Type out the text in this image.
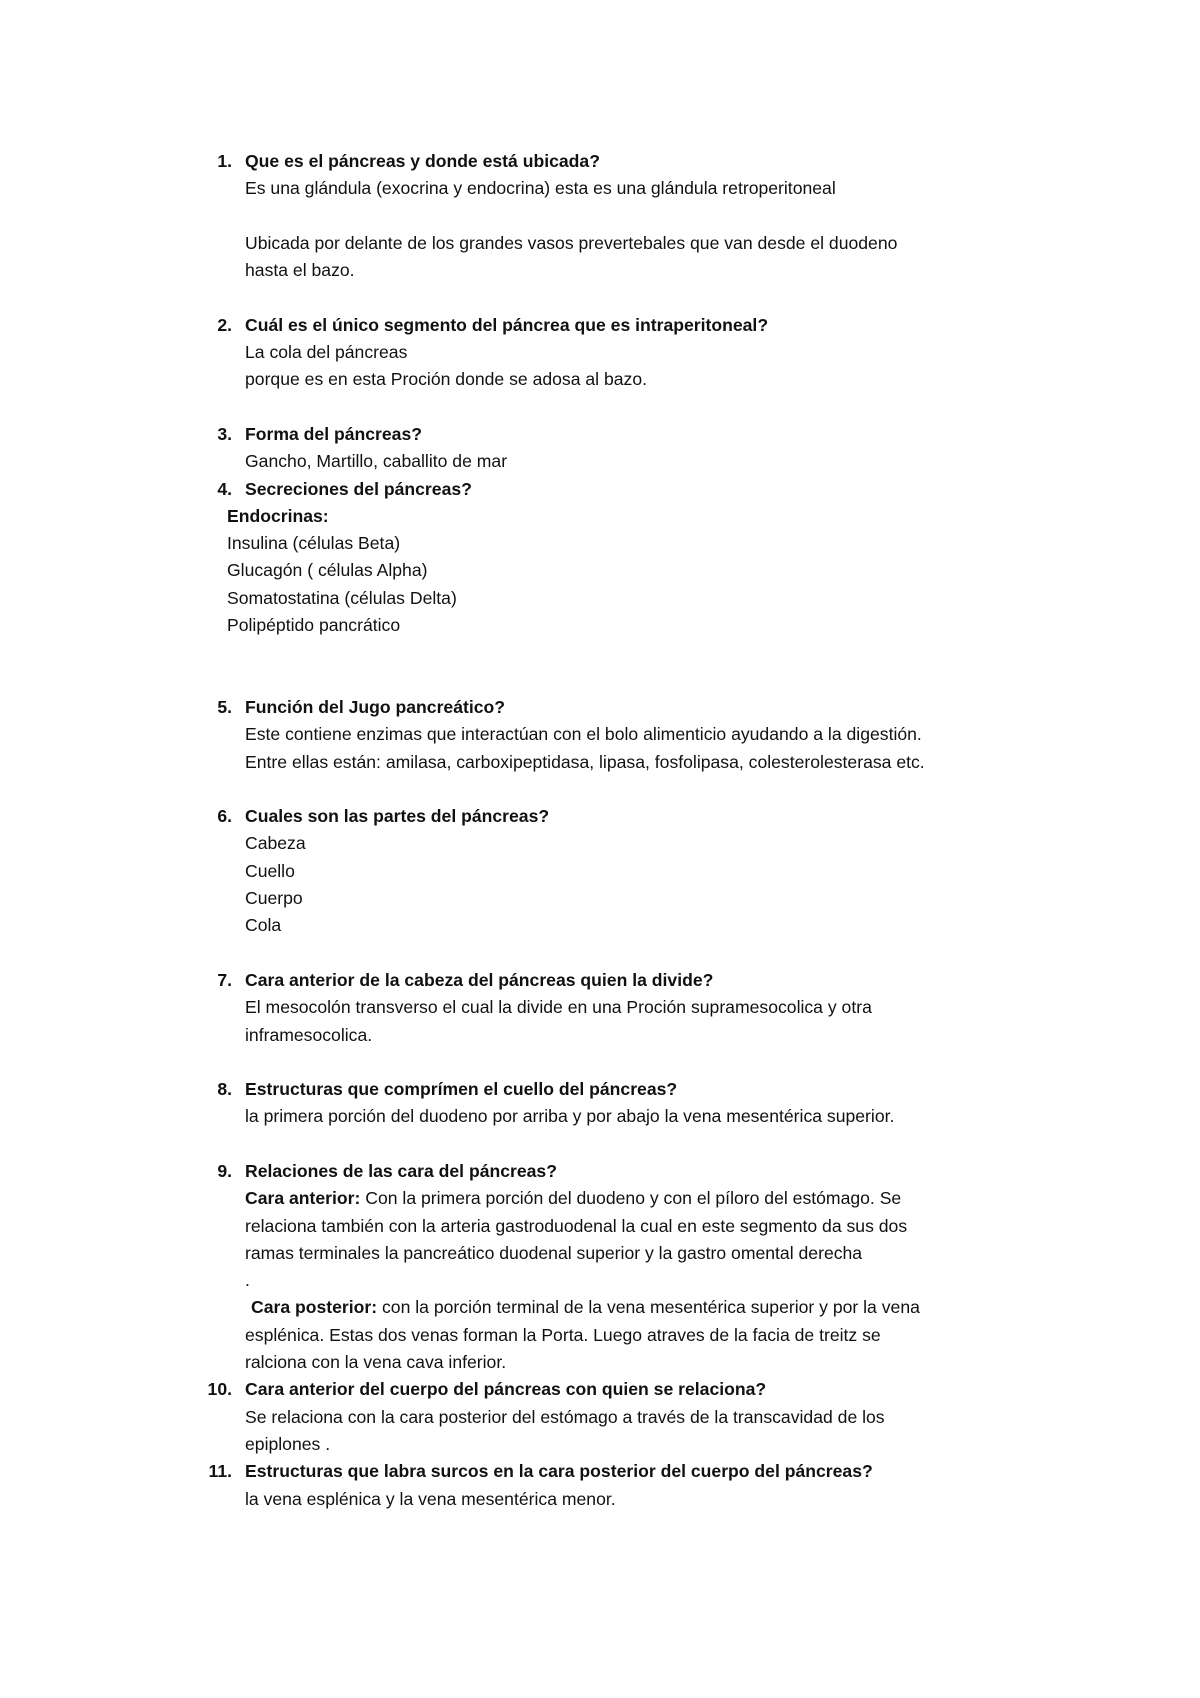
1. Que es el páncreas y donde está ubicada?
Es una glándula (exocrina y endocrina) esta es una glándula retroperitoneal
Ubicada por delante de los grandes vasos prevertebales que van desde el duodeno
hasta el bazo.
2. Cuál es el único segmento del páncrea que es intraperitoneal?
La cola del páncreas
porque es en esta Proción donde se adosa al bazo.
3. Forma del páncreas?
Gancho, Martillo, caballito de mar
4. Secreciones del páncreas?
Endocrinas:
Insulina (células Beta)
Glucagón ( células Alpha)
Somatostatina (células Delta)
Polipéptido pancrático
5. Función del Jugo pancreático?
Este contiene enzimas que interactúan con el bolo alimenticio ayudando a la digestión.
Entre ellas están: amilasa, carboxipeptidasa, lipasa, fosfolipasa, colesterolesterasa etc.
6. Cuales son las partes del páncreas?
Cabeza
Cuello
Cuerpo
Cola
7. Cara anterior de la cabeza del páncreas quien la divide?
El mesocolón transverso el cual la divide en una Proción supramesocolica y otra
inframesocolica.
8. Estructuras que comprímen el cuello del páncreas?
la primera porción del duodeno por arriba y por abajo la vena mesentérica superior.
9. Relaciones de las cara del páncreas?
Cara anterior: Con la primera porción del duodeno y con el píloro del estómago. Se
relaciona también con la arteria gastroduodenal la cual en este segmento da sus dos
ramas terminales la pancreático duodenal superior y la gastro omental derecha
.
Cara posterior: con la porción terminal de la vena mesentérica superior y por la vena
esplénica. Estas dos venas forman la Porta. Luego atraves de la facia de treitz se
ralciona con la vena cava inferior.
10. Cara anterior del cuerpo del páncreas con quien se relaciona?
Se relaciona con la cara posterior del estómago a través de la transcavidad de los
epiplones .
11. Estructuras que labra surcos en la cara posterior del cuerpo del páncreas?
la vena esplénica y la vena mesentérica menor.
